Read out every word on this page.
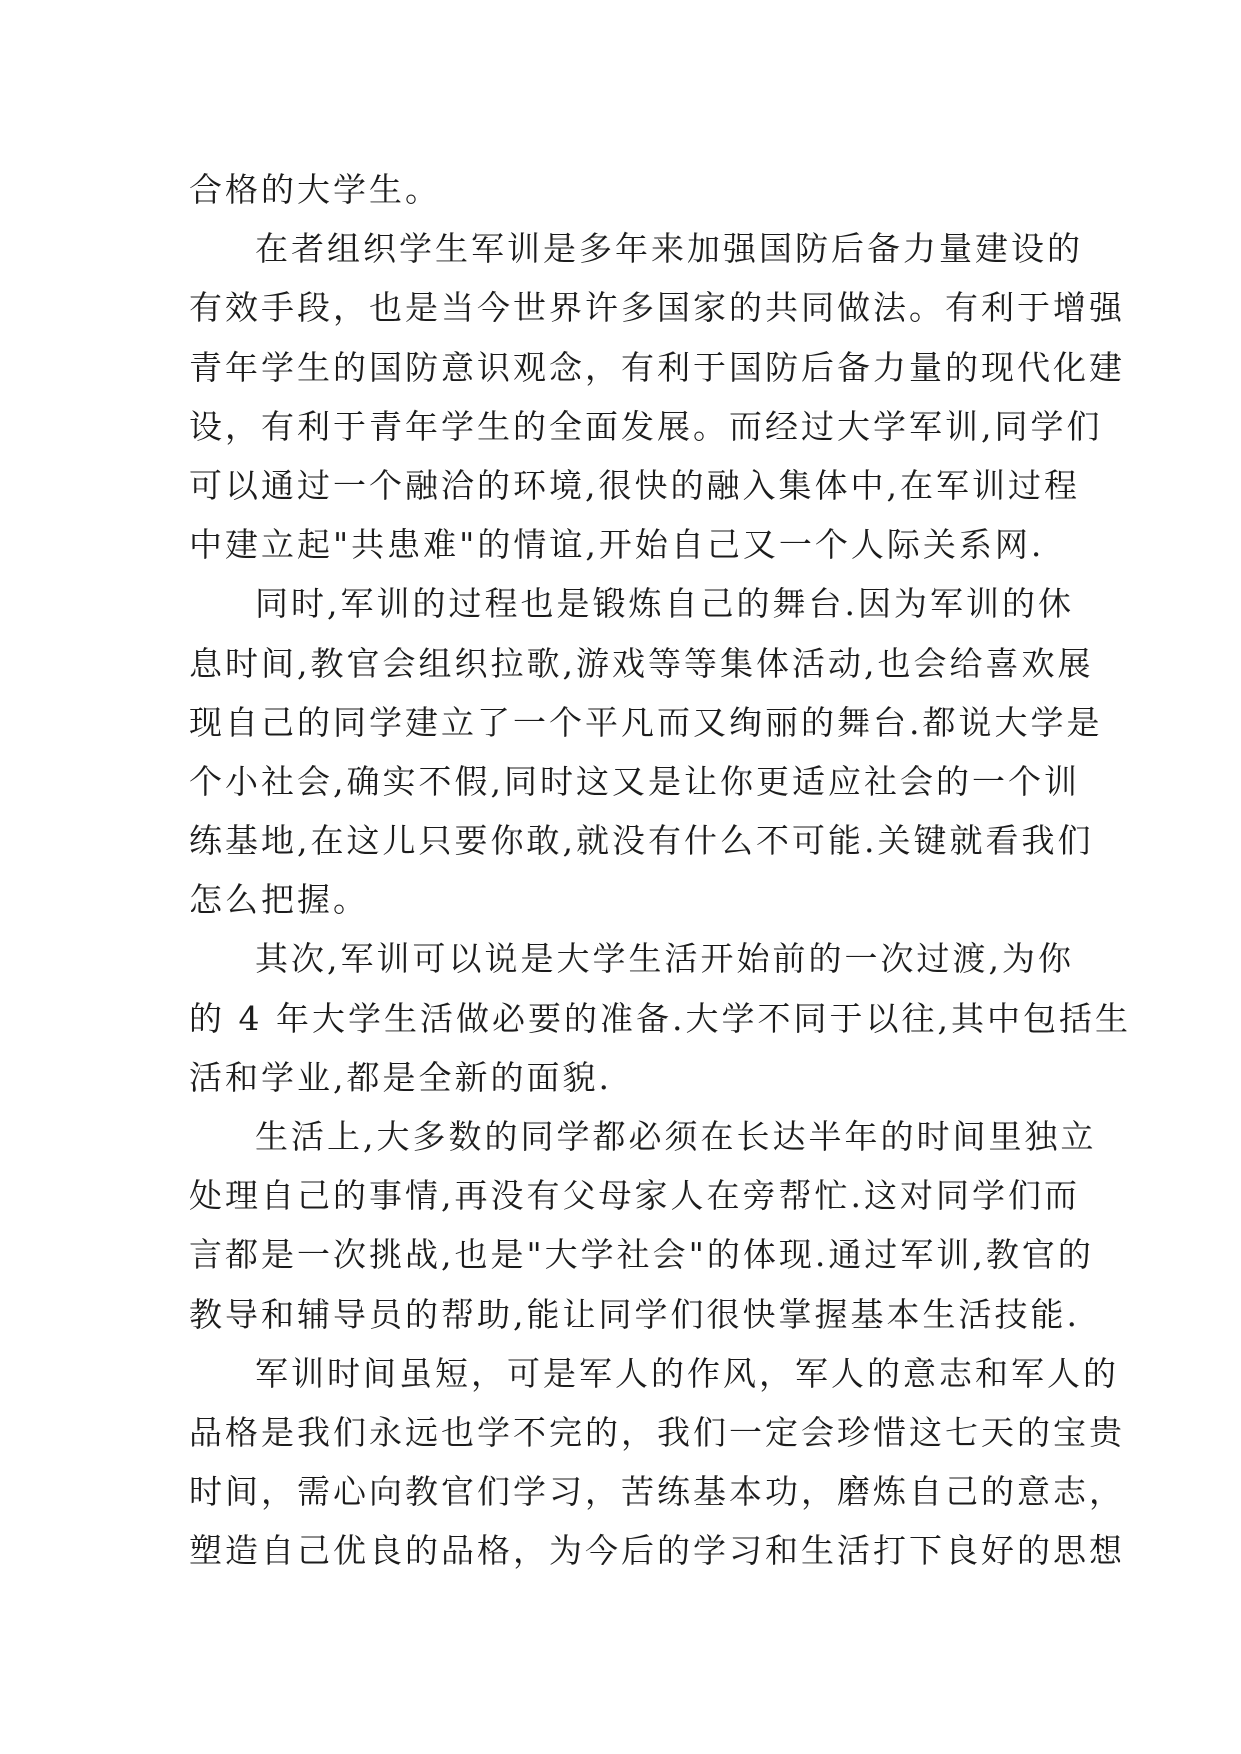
合格的大学生。
在者组织学生军训是多年来加强国防后备力量建设的
有效手段，也是当今世界许多国家的共同做法。有利于增强
青年学生的国防意识观念，有利于国防后备力量的现代化建
设，有利于青年学生的全面发展。而经过大学军训,同学们
可以通过一个融洽的环境,很快的融入集体中,在军训过程
中建立起"共患难"的情谊,开始自己又一个人际关系网.
同时,军训的过程也是锻炼自己的舞台.因为军训的休
息时间,教官会组织拉歌,游戏等等集体活动,也会给喜欢展
现自己的同学建立了一个平凡而又绚丽的舞台.都说大学是
个小社会,确实不假,同时这又是让你更适应社会的一个训
练基地,在这儿只要你敢,就没有什么不可能.关键就看我们
怎么把握。
其次,军训可以说是大学生活开始前的一次过渡,为你
的 4 年大学生活做必要的准备.大学不同于以往,其中包括生
活和学业,都是全新的面貌.
生活上,大多数的同学都必须在长达半年的时间里独立
处理自己的事情,再没有父母家人在旁帮忙.这对同学们而
言都是一次挑战,也是"大学社会"的体现.通过军训,教官的
教导和辅导员的帮助,能让同学们很快掌握基本生活技能.
军训时间虽短，可是军人的作风，军人的意志和军人的
品格是我们永远也学不完的，我们一定会珍惜这七天的宝贵
时间，需心向教官们学习，苦练基本功，磨炼自己的意志，
塑造自己优良的品格，为今后的学习和生活打下良好的思想
